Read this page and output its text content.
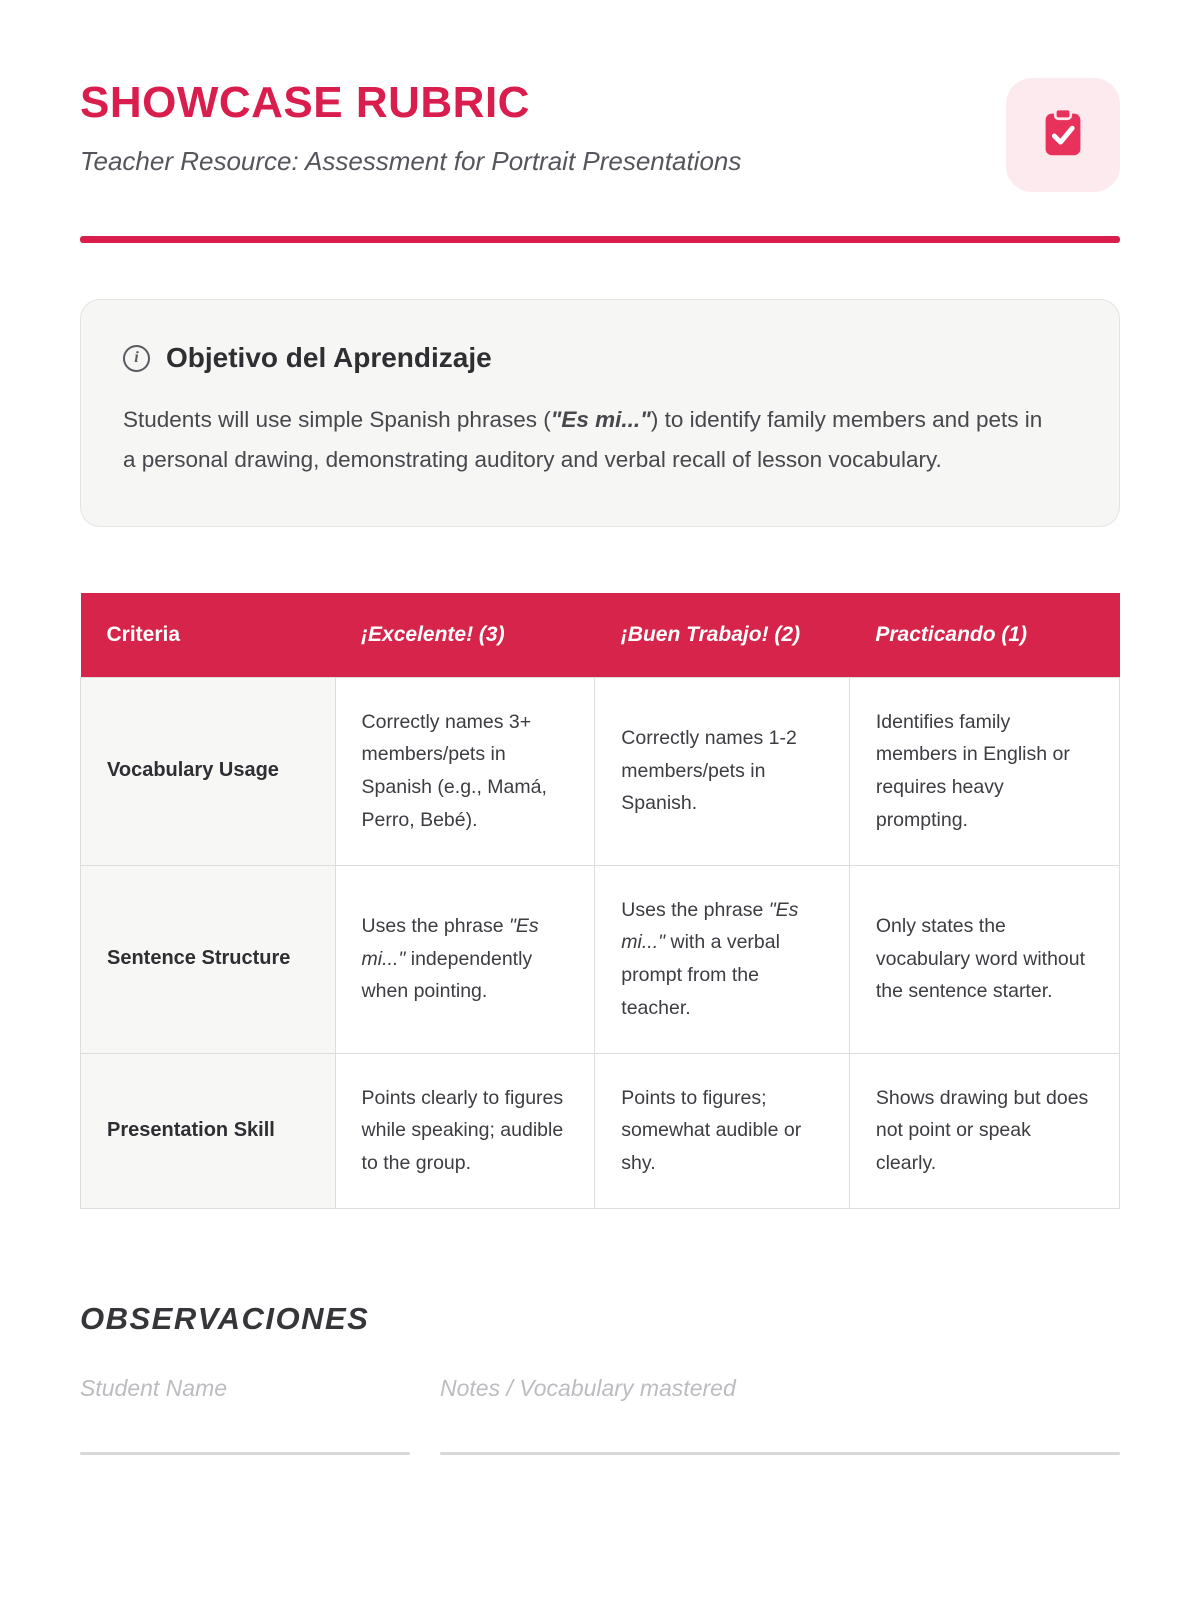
SHOWCASE RUBRIC
Teacher Resource: Assessment for Portrait Presentations
i Objetivo del Aprendizaje
Students will use simple Spanish phrases ("Es mi...") to identify family members and pets in a personal drawing, demonstrating auditory and verbal recall of lesson vocabulary.
Criteria	¡Excelente! (3)	¡Buen Trabajo! (2)	Practicando (1)
Vocabulary Usage	Correctly names 3+ members/pets in Spanish (e.g., Mamá, Perro, Bebé).	Correctly names 1-2 members/pets in Spanish.	Identifies family members in English or requires heavy prompting.
Sentence Structure	Uses the phrase "Es mi..." independently when pointing.	Uses the phrase "Es mi..." with a verbal prompt from the teacher.	Only states the vocabulary word without the sentence starter.
Presentation Skill	Points clearly to figures while speaking; audible to the group.	Points to figures; somewhat audible or shy.	Shows drawing but does not point or speak clearly.
OBSERVACIONES
Student Name	Notes / Vocabulary mastered
